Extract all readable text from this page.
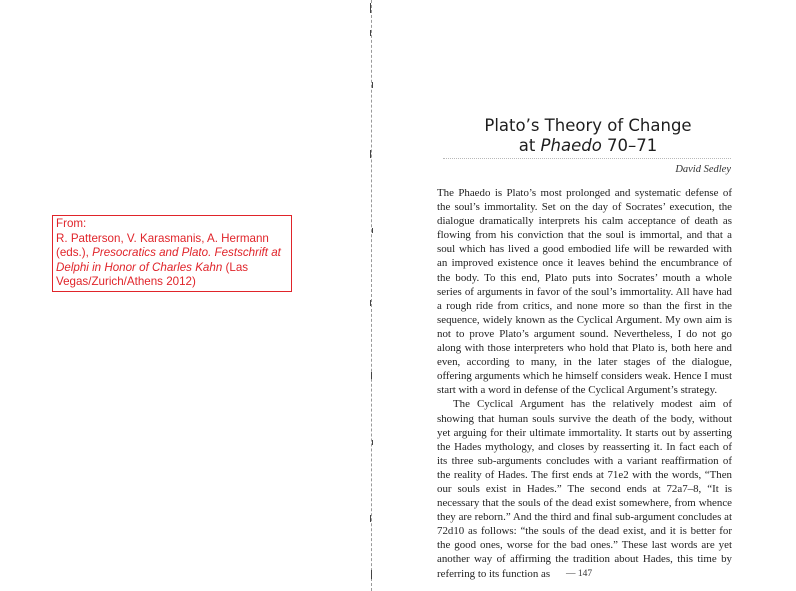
From:
R. Patterson, V. Karasmanis, A. Hermann (eds.), Presocratics and Plato. Festschrift at Delphi in Honor of Charles Kahn (Las Vegas/Zurich/Athens 2012)
Plato’s Theory of Change
at Phaedo 70–71
David Sedley

The Phaedo is Plato’s most prolonged and systematic defense of the soul’s immortality. Set on the day of Socrates’ execution, the dialogue dramatically interprets his calm acceptance of death as flowing from his conviction that the soul is immortal, and that a soul which has lived a good embodied life will be rewarded with an improved existence once it leaves behind the encumbrance of the body. To this end, Plato puts into Socrates’ mouth a whole series of arguments in favor of the soul’s immortality. All have had a rough ride from critics, and none more so than the first in the sequence, widely known as the Cyclical Argument. My own aim is not to prove Plato’s argument sound. Nevertheless, I do not go along with those interpreters who hold that Plato is, both here and even, according to many, in the later stages of the dialogue, offering arguments which he himself considers weak. Hence I must start with a word in defense of the Cyclical Argument’s strategy.

The Cyclical Argument has the relatively modest aim of showing that human souls survive the death of the body, without yet arguing for their ultimate immortality. It starts out by asserting the Hades mythology, and closes by reasserting it. In fact each of its three sub-arguments concludes with a variant reaffirmation of the reality of Hades. The first ends at 71e2 with the words, “Then our souls exist in Hades.” The second ends at 72a7–8, “It is necessary that the souls of the dead exist somewhere, from whence they are reborn.” And the third and final sub-argument concludes at 72d10 as follows: “the souls of the dead exist, and it is better for the good ones, worse for the bad ones.” These last words are yet another way of affirming the tradition about Hades, this time by referring to its function as	— 147
